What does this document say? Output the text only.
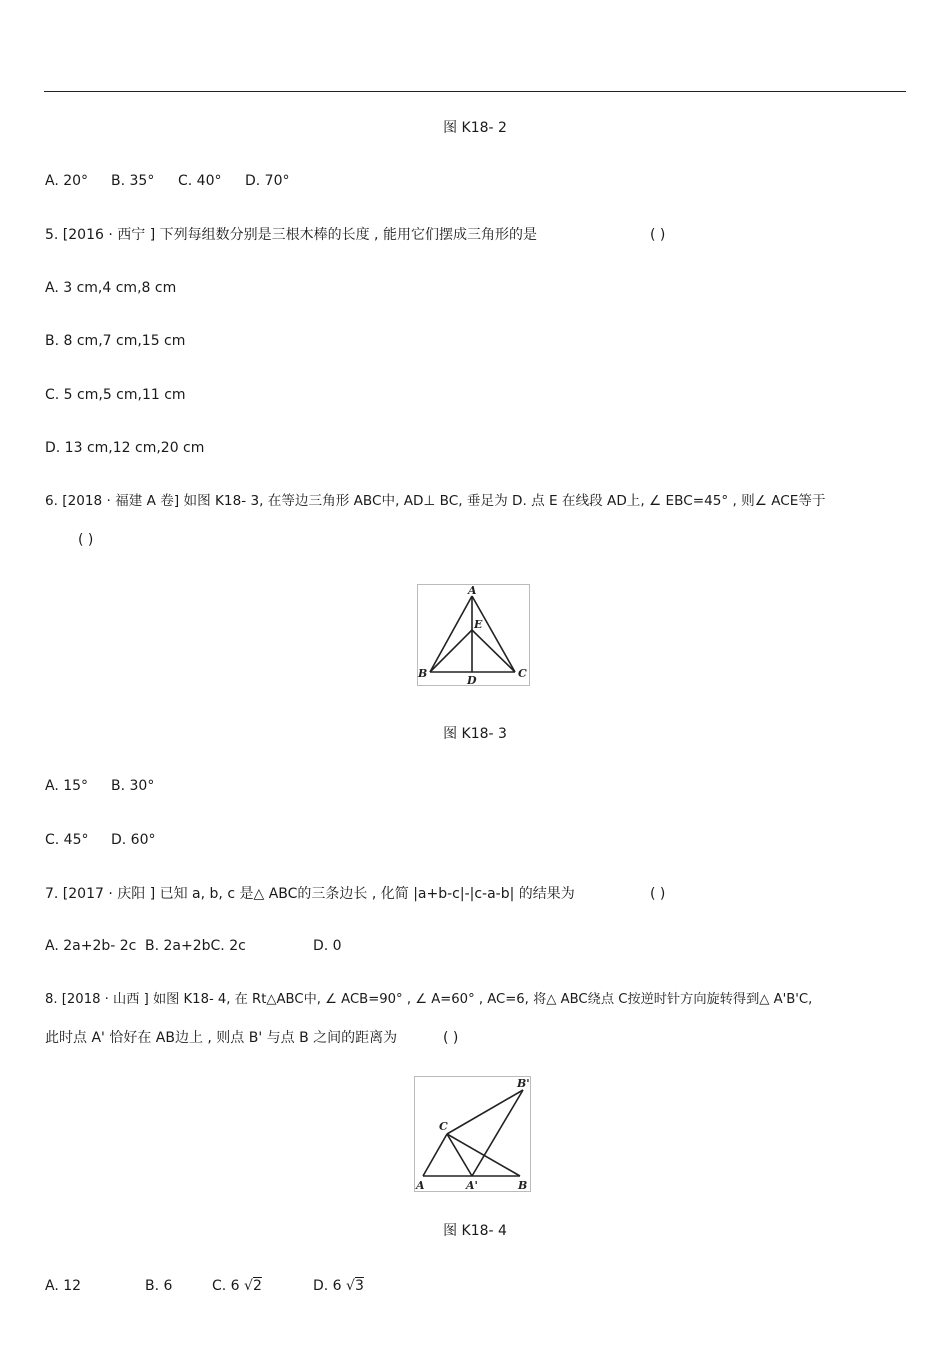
图 K18- 2
A. 20° B. 35° C. 40° D. 70°
5. [2016 · 西宁 ] 下列每组数分别是三根木棒的长度 , 能用它们摆成三角形的是	( )
A. 3 cm,4 cm,8 cm
B. 8 cm,7 cm,15 cm
C. 5 cm,5 cm,11 cm
D. 13 cm,12 cm,20 cm
6. [2018 · 福建 A 卷] 如图 K18- 3, 在等边三角形 ABC中, AD⊥ BC, 垂足为 D. 点 E 在线段 AD上, ∠ EBC=45° , 则∠ ACE等于
( )
A
E
B
D
C
图 K18- 3
A. 15° B. 30°
C. 45° D. 60°
7. [2017 · 庆阳 ] 已知 a, b, c 是△ ABC的三条边长 , 化简 |a+b-c|-|c-a-b| 的结果为	( )
A. 2a+2b- 2c B. 2a+2bC. 2c	D. 0
8. [2018 · 山西 ] 如图 K18- 4, 在 Rt△ABC中, ∠ ACB=90° , ∠ A=60° , AC=6, 将△ ABC绕点 C按逆时针方向旋转得到△ A'B'C,
此时点 A' 恰好在 AB边上 , 则点 B' 与点 B 之间的距离为	( )
B'
C
A	A'	B
图 K18- 4
A. 12	B. 6	C. 6 √2	D. 6 √3
